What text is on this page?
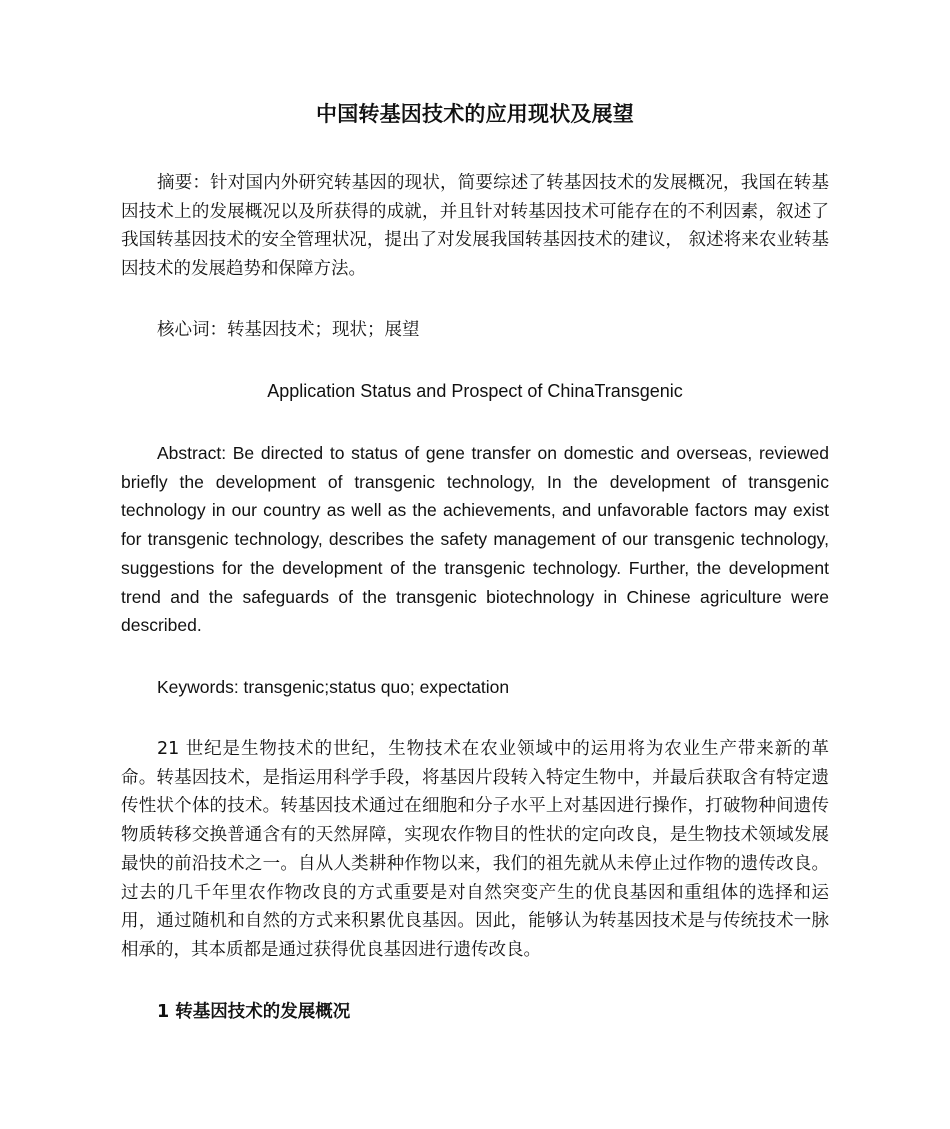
中国转基因技术的应用现状及展望

摘要：针对国内外研究转基因的现状，简要综述了转基因技术的发展概况，我国在转基因技术上的发展概况以及所获得的成就，并且针对转基因技术可能存在的不利因素，叙述了我国转基因技术的安全管理状况，提出了对发展我国转基因技术的建议， 叙述将来农业转基因技术的发展趋势和保障方法。

核心词：转基因技术；现状；展望

Application Status and Prospect of ChinaTransgenic

Abstract: Be directed to status of gene transfer on domestic and overseas, reviewed briefly the development of transgenic technology, In the development of transgenic technology in our country as well as the achievements, and unfavorable factors may exist for transgenic technology, describes the safety management of our transgenic technology, suggestions for the development of the transgenic technology. Further, the development trend and the safeguards of the transgenic biotechnology in Chinese agriculture were described.

Keywords: transgenic;status quo; expectation

21 世纪是生物技术的世纪，生物技术在农业领域中的运用将为农业生产带来新的革命。转基因技术，是指运用科学手段，将基因片段转入特定生物中，并最后获取含有特定遗传性状个体的技术。转基因技术通过在细胞和分子水平上对基因进行操作，打破物种间遗传物质转移交换普通含有的天然屏障，实现农作物目的性状的定向改良，是生物技术领域发展最快的前沿技术之一。自从人类耕种作物以来，我们的祖先就从未停止过作物的遗传改良。过去的几千年里农作物改良的方式重要是对自然突变产生的优良基因和重组体的选择和运用，通过随机和自然的方式来积累优良基因。因此，能够认为转基因技术是与传统技术一脉相承的，其本质都是通过获得优良基因进行遗传改良。

1 转基因技术的发展概况
